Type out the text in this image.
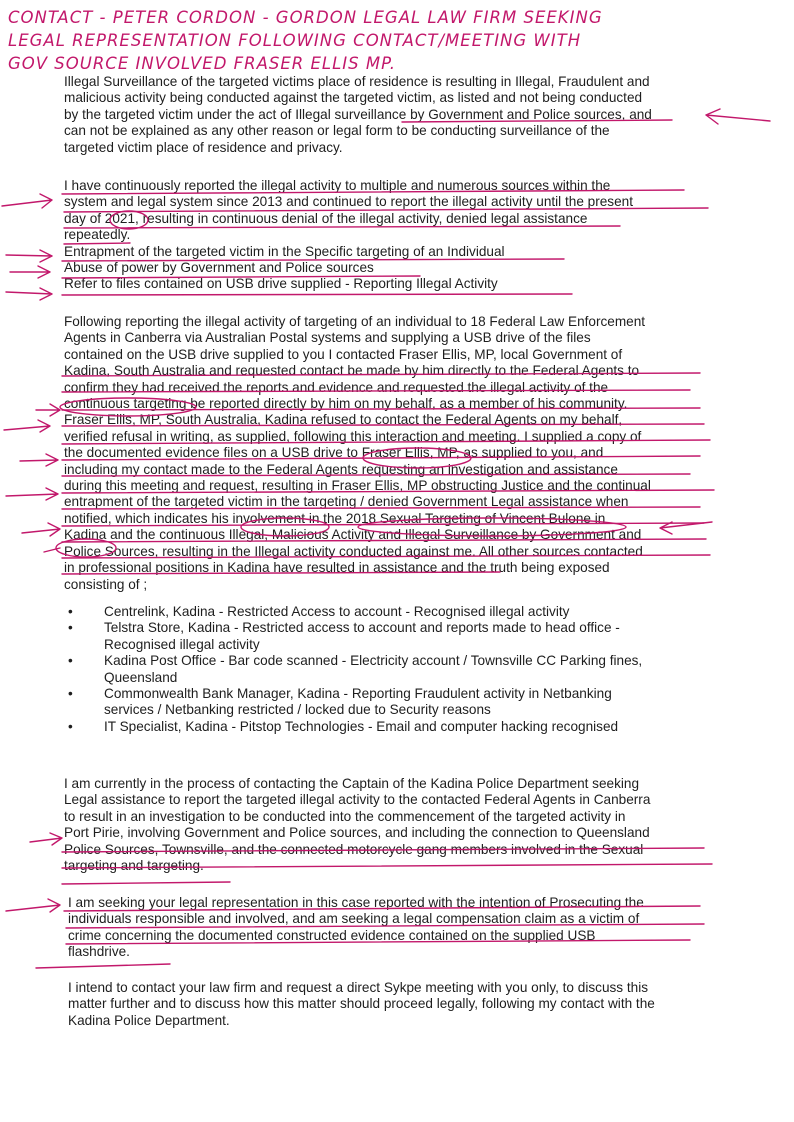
CONTACT - PETER CORDON - GORDON LEGAL LAW FIRM SEEKING
LEGAL REPRESENTATION FOLLOWING CONTACT/MEETING WITH
GOV SOURCE INVOLVED FRASER ELLIS MP.
Illegal Surveillance of the targeted victims place of residence is resulting in Illegal, Fraudulent and
malicious activity being conducted against the targeted victim, as listed and not being conducted
by the targeted victim under the act of Illegal surveillance by Government and Police sources, and
can not be explained as any other reason or legal form to be conducting surveillance of the
targeted victim place of residence and privacy.
I have continuously reported the illegal activity to multiple and numerous sources within the
system and legal system since 2013 and continued to report the illegal activity until the present
day of 2021, resulting in continuous denial of the illegal activity, denied legal assistance
repeatedly.
Entrapment of the targeted victim in the Specific targeting of an Individual
Abuse of power by Government and Police sources
Refer to files contained on USB drive supplied - Reporting Illegal Activity
Following reporting the illegal activity of targeting of an individual to 18 Federal Law Enforcement
Agents in Canberra via Australian Postal systems and supplying a USB drive of the files
contained on the USB drive supplied to you I contacted Fraser Ellis, MP, local Government of
Kadina, South Australia and requested contact be made by him directly to the Federal Agents to
confirm they had received the reports and evidence and requested the illegal activity of the
continuous targeting be reported directly by him on my behalf, as a member of his community.
Fraser Ellis, MP, South Australia, Kadina refused to contact the Federal Agents on my behalf,
verified refusal in writing, as supplied, following this interaction and meeting. I supplied a copy of
the documented evidence files on a USB drive to Fraser Ellis, MP, as supplied to you, and
including my contact made to the Federal Agents requesting an investigation and assistance
during this meeting and request, resulting in Fraser Ellis, MP obstructing Justice and the continual
entrapment of the targeted victim in the targeting / denied Government Legal assistance when
notified, which indicates his involvement in the 2018 Sexual Targeting of Vincent Bulone in
Kadina and the continuous Illegal, Malicious Activity and Illegal Surveillance by Government and
Police Sources, resulting in the Illegal activity conducted against me. All other sources contacted
in professional positions in Kadina have resulted in assistance and the truth being exposed
consisting of ;
• Centrelink, Kadina - Restricted Access to account - Recognised illegal activity
• Telstra Store, Kadina - Restricted access to account and reports made to head office -
Recognised illegal activity
• Kadina Post Office - Bar code scanned - Electricity account / Townsville CC Parking fines,
Queensland
• Commonwealth Bank Manager, Kadina - Reporting Fraudulent activity in Netbanking
services / Netbanking restricted / locked due to Security reasons
• IT Specialist, Kadina - Pitstop Technologies - Email and computer hacking recognised
I am currently in the process of contacting the Captain of the Kadina Police Department seeking
Legal assistance to report the targeted illegal activity to the contacted Federal Agents in Canberra
to result in an investigation to be conducted into the commencement of the targeted activity in
Port Pirie, involving Government and Police sources, and including the connection to Queensland
Police Sources, Townsville, and the connected motorcycle gang members involved in the Sexual
targeting and targeting.
I am seeking your legal representation in this case reported with the intention of Prosecuting the
individuals responsible and involved, and am seeking a legal compensation claim as a victim of
crime concerning the documented constructed evidence contained on the supplied USB
flashdrive.
I intend to contact your law firm and request a direct Sykpe meeting with you only, to discuss this
matter further and to discuss how this matter should proceed legally, following my contact with the
Kadina Police Department.
